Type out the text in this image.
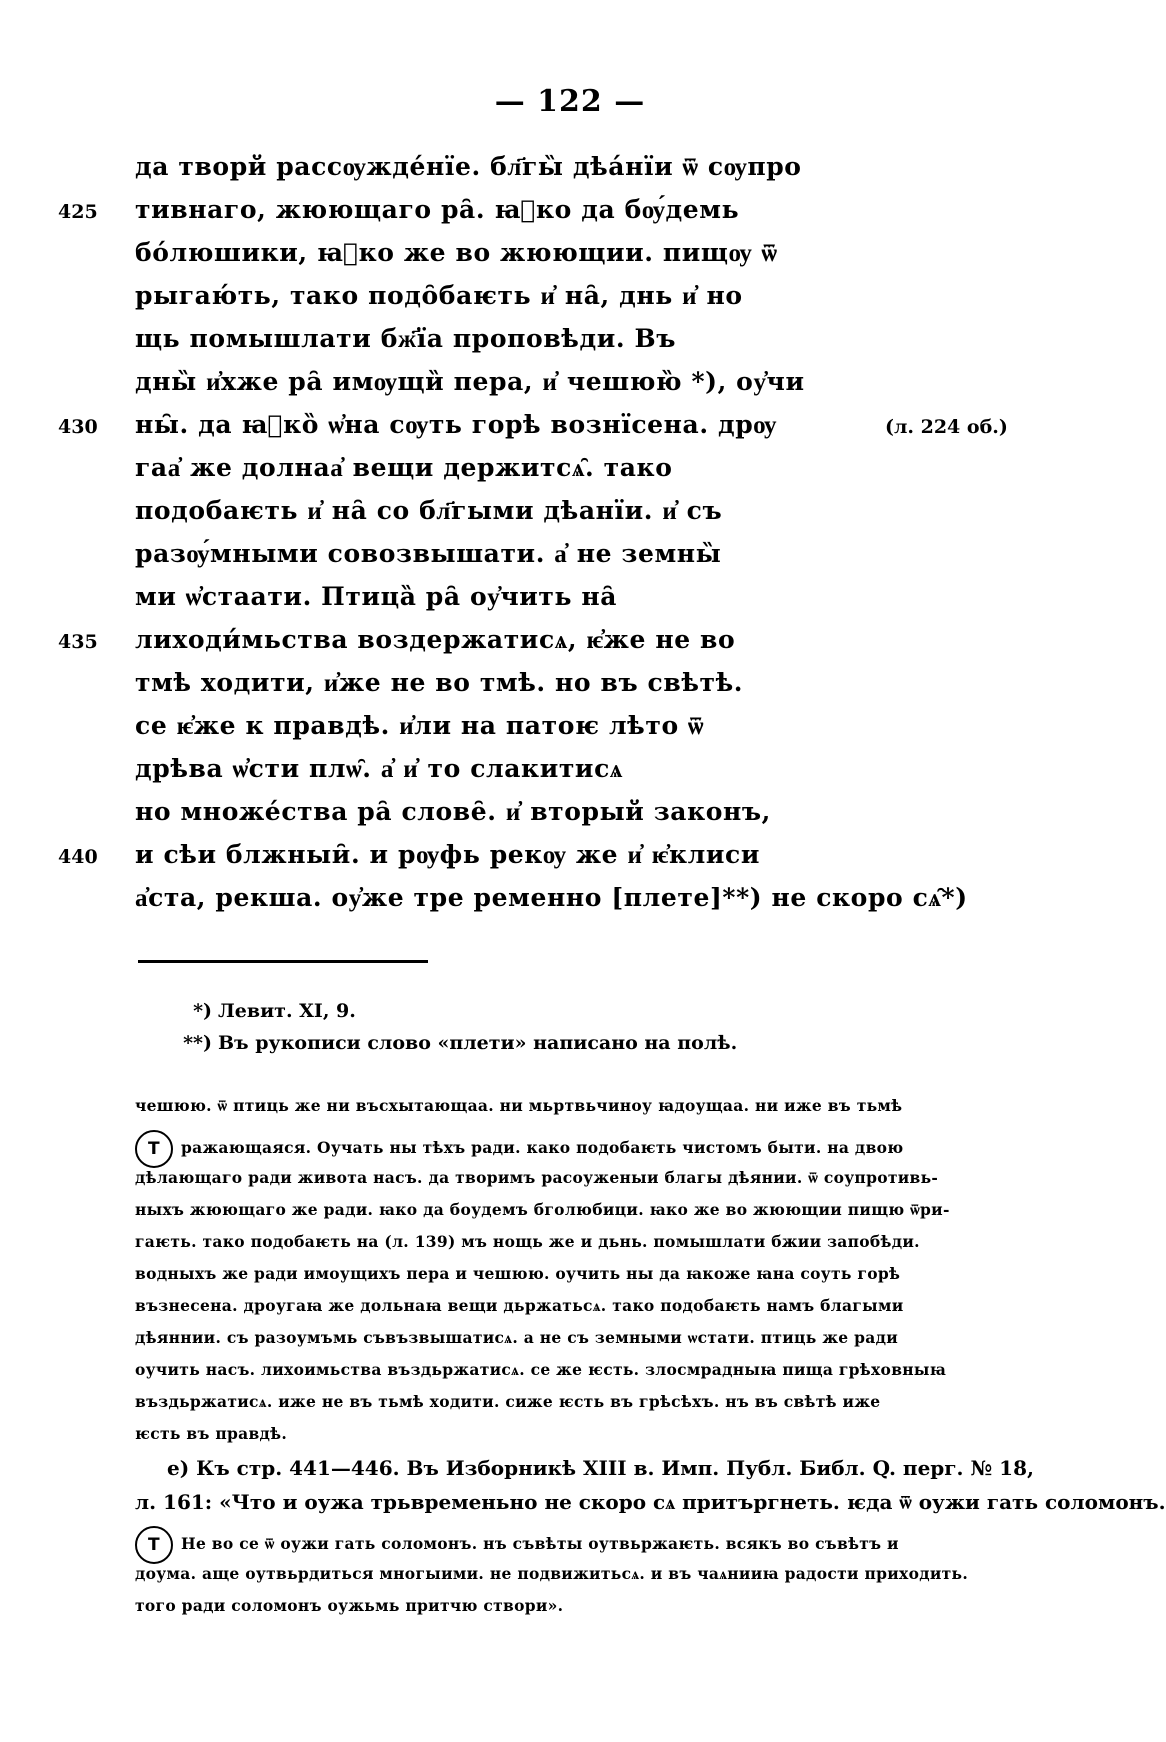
— 122 —
да творй рассѹжде́нїе. бл҃гы̏ дѣа́нїи ѿ сѹпро
425 тивнаго, жюющаго ра̑. ꙗ҆ко да бѹ́демь
бо́люшики, ꙗ҆ко же во жюющии. пищѹ ѿ
рыгаю́ть, тако подо̑баѥть и҆ на̑, днь и҆ но
щь помышлати бж҃їа проповѣди. Въ
дны̏ и҆хже ра̑ имѹщи̏ пера, и҆ чешюю̏ *), оу҆чи
430 ны̑. да ꙗ҆ко̏ ѡ҆на сѹть горѣ вознїсена. дрѹ	(л. 224 об.)
гаа҆ же долнаа҆ вещи держитсѧ̑. тако
подобаѥть и҆ на̑ со бл҃гыми дѣанїи. и҆ съ
разѹ́мными совозвышати. а҆ не земны̏
ми ѡ҆стаати. Птица̏ ра̑ оу҆чить на̑
435 лиходи́мьства воздержатисѧ, ѥ҆же не во
тмѣ ходити, и҆же не во тмѣ. но въ свѣтѣ.
се ѥ҆же к правдѣ. и҆ли на патоѥ лѣто ѿ
дрѣва ѡ҆сти плѡ̑. а҆ и҆ то слакитисѧ
но множе́ства ра̑ слове̑. и҆ вторый законъ,
440 и сѣи блжныи̑. и рѹфь рекѹ же и҆ ѥ҆клиси
а҆ста, рекша. оу҆же тре ременно [плете]**) не скоро сѧ̑*)
*) Левит. XI, 9.
**) Въ рукописи слово «плети» написано на полѣ.
чешюю. ѿ птиць же ни въсхытающаа. ни мьртвьчиноу ꙗдоущаа. ни иже въ тьмѣ
Т ражающаяся. Оучать ны тѣхъ ради. како подобаѥть чистомъ быти. на двою
дѣлающаго ради живота насъ. да творимъ расоуженыи благы дѣянии. ѿ соупротивь-
ныхъ жюющаго же ради. ꙗко да боудемъ бголюбици. ꙗко же во жюющии пищю ѿри-
гаѥть. тако подобаѥть на (л. 139) мъ нощь же и дьнь. помышлати бжии запобѣди.
водныхъ же ради имоущихъ пера и чешюю. оучить ны да ꙗкоже ꙗна соуть горѣ
възнесена. дроугаꙗ же дольнаꙗ вещи дьржатьсѧ. тако подобаѥть намъ благыми
дѣяннии. съ разоумъмь съвъзвышатисѧ. а не съ земными ѡстати. птиць же ради
оучить насъ. лихоимьства въздьржатисѧ. се же ѥсть. злосмрадныꙗ пища грѣховныꙗ
въздьржатисѧ. иже не въ тьмѣ ходити. сиже ѥсть въ грѣсѣхъ. нъ въ свѣтѣ иже
ѥсть въ правдѣ.
е) Къ стр. 441—446. Въ Изборникѣ XIII в. Имп. Публ. Библ. Q. перг. № 18,
л. 161: «Что и оужа трьвременьно не скоро сѧ притъргнеть. ѥда ѿ оужи гать соломонъ.
Т Не во се ѿ оужи гать соломонъ. нъ съвѣты оутвьржаѥть. всякъ во съвѣтъ и
доума. аще оутвьрдиться многыими. не подвижитьсѧ. и въ чаѧнииꙗ радости приходить.
того ради соломонъ оужьмь притчю створи».
